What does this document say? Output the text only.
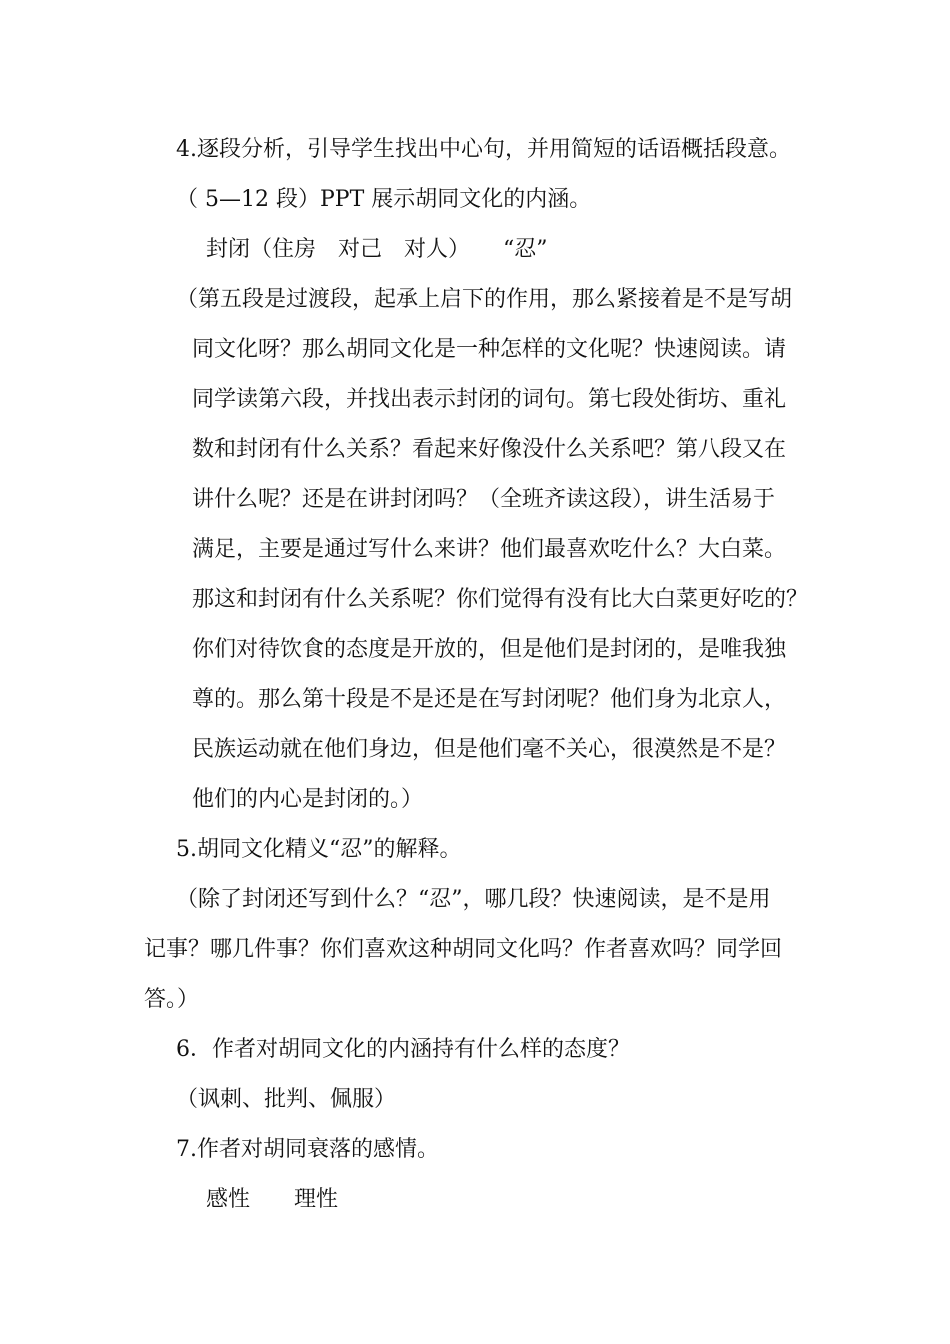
4.逐段分析，引导学生找出中心句，并用简短的话语概括段意。
（ 5—12 段）PPT 展示胡同文化的内涵。
封闭（住房　对己　对人）　　“忍”
（第五段是过渡段，起承上启下的作用，那么紧接着是不是写胡
同文化呀？那么胡同文化是一种怎样的文化呢？快速阅读。请
同学读第六段，并找出表示封闭的词句。第七段处街坊、重礼
数和封闭有什么关系？看起来好像没什么关系吧？第八段又在
讲什么呢？还是在讲封闭吗？（全班齐读这段），讲生活易于
满足，主要是通过写什么来讲？他们最喜欢吃什么？大白菜。
那这和封闭有什么关系呢？你们觉得有没有比大白菜更好吃的？
你们对待饮食的态度是开放的，但是他们是封闭的，是唯我独
尊的。那么第十段是不是还是在写封闭呢？他们身为北京人，
民族运动就在他们身边，但是他们毫不关心，很漠然是不是？
他们的内心是封闭的。）
5.胡同文化精义“忍”的解释。
（除了封闭还写到什么？“忍”，哪几段？快速阅读，是不是用
记事？哪几件事？你们喜欢这种胡同文化吗？作者喜欢吗？同学回
答。）
6．作者对胡同文化的内涵持有什么样的态度？
（讽刺、批判、佩服）
7.作者对胡同衰落的感情。
感性　　理性
